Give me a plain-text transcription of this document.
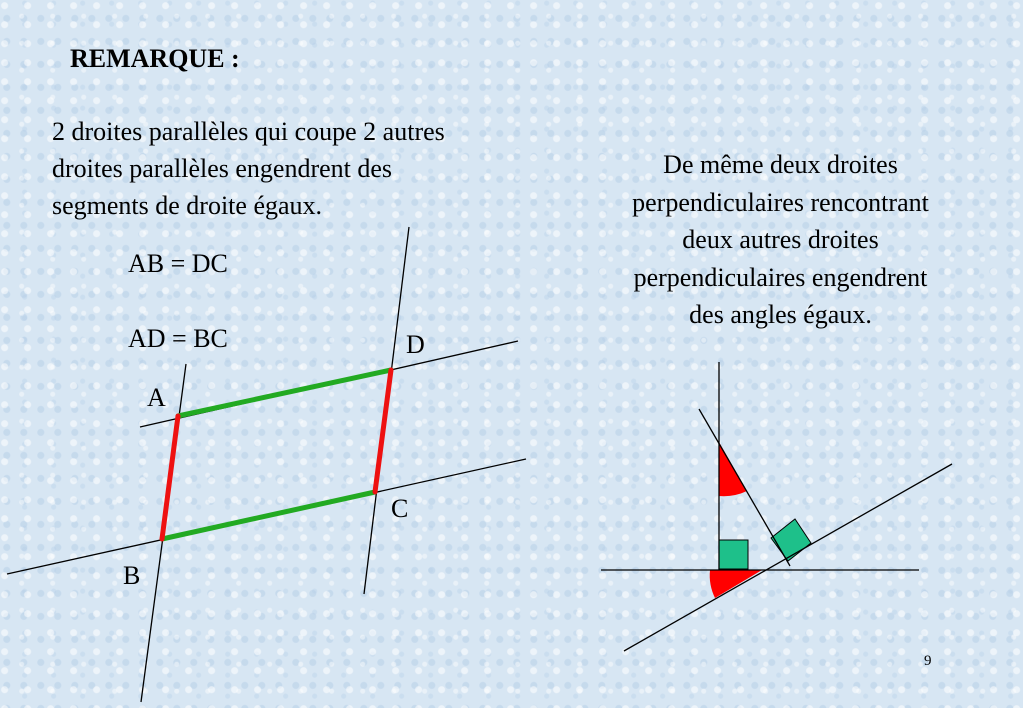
REMARQUE :
2 droites parallèles qui coupe 2 autres
droites parallèles engendrent des
segments de droite égaux.
AB = DC
AD = BC
De même deux droites
perpendiculaires rencontrant
deux autres droites
perpendiculaires engendrent
des angles égaux.
A
B
C
D
9
